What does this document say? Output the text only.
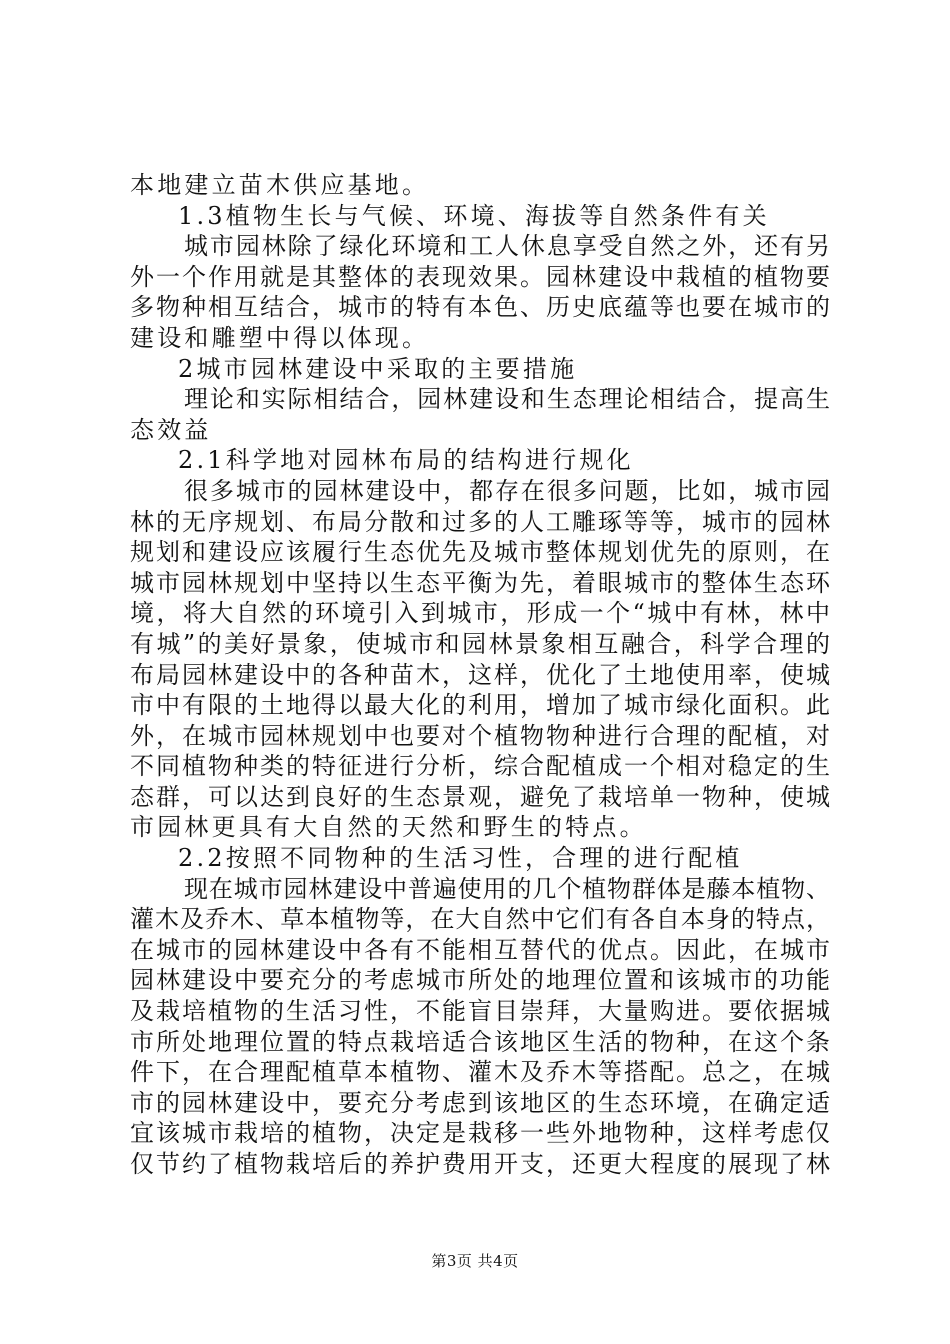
本地建立苗木供应基地。

1.3植物生长与气候、环境、海拔等自然条件有关

城市园林除了绿化环境和工人休息享受自然之外，还有另

外一个作用就是其整体的表现效果。园林建设中栽植的植物要

多物种相互结合，城市的特有本色、历史底蕴等也要在城市的

建设和雕塑中得以体现。

2城市园林建设中采取的主要措施

理论和实际相结合，园林建设和生态理论相结合，提高生

态效益

2.1科学地对园林布局的结构进行规化

很多城市的园林建设中，都存在很多问题，比如，城市园

林的无序规划、布局分散和过多的人工雕琢等等，城市的园林

规划和建设应该履行生态优先及城市整体规划优先的原则，在

城市园林规划中坚持以生态平衡为先，着眼城市的整体生态环

境，将大自然的环境引入到城市，形成一个“城中有林，林中

有城”的美好景象，使城市和园林景象相互融合，科学合理的

布局园林建设中的各种苗木，这样，优化了土地使用率，使城

市中有限的土地得以最大化的利用，增加了城市绿化面积。此

外，在城市园林规划中也要对个植物物种进行合理的配植，对

不同植物种类的特征进行分析，综合配植成一个相对稳定的生

态群，可以达到良好的生态景观，避免了栽培单一物种，使城

市园林更具有大自然的天然和野生的特点。

2.2按照不同物种的生活习性，合理的进行配植

现在城市园林建设中普遍使用的几个植物群体是藤本植物、

灌木及乔木、草本植物等，在大自然中它们有各自本身的特点，

在城市的园林建设中各有不能相互替代的优点。因此，在城市

园林建设中要充分的考虑城市所处的地理位置和该城市的功能

及栽培植物的生活习性，不能盲目崇拜，大量购进。要依据城

市所处地理位置的特点栽培适合该地区生活的物种，在这个条

件下，在合理配植草本植物、灌木及乔木等搭配。总之，在城

市的园林建设中，要充分考虑到该地区的生态环境，在确定适

宜该城市栽培的植物，决定是栽移一些外地物种，这样考虑仅

仅节约了植物栽培后的养护费用开支，还更大程度的展现了林

第3页 共4页
